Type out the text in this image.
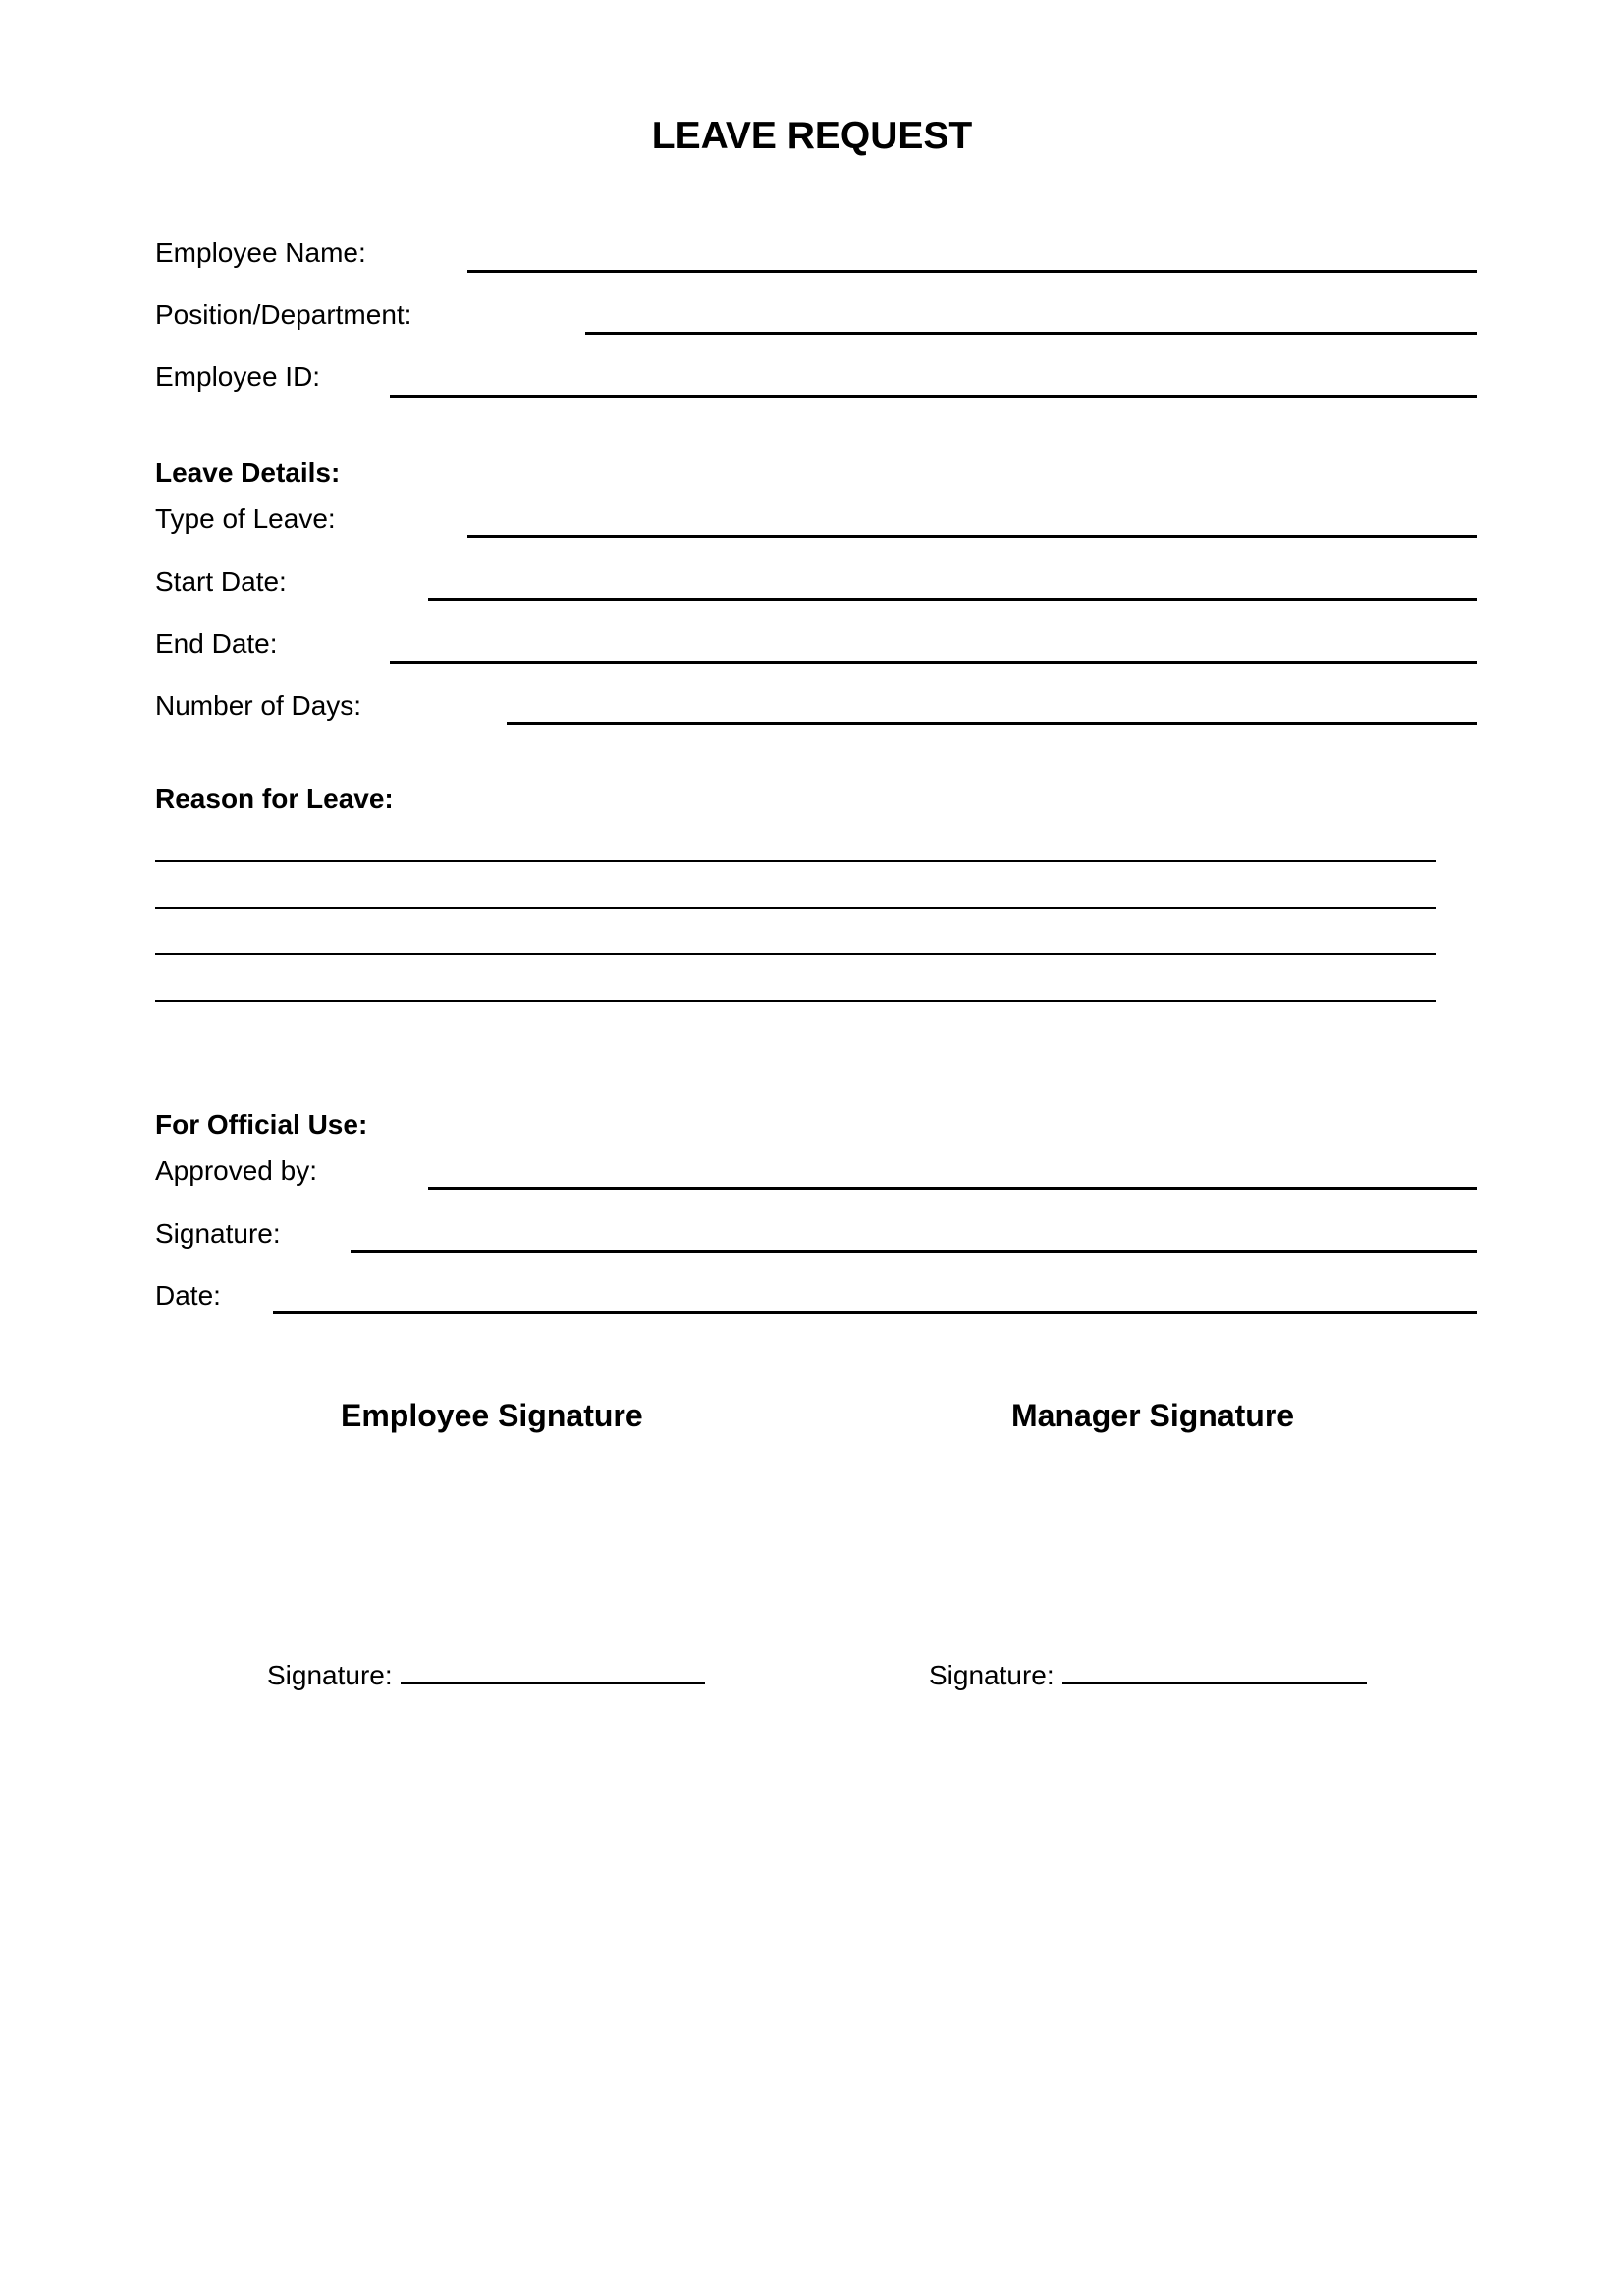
LEAVE REQUEST
Employee Name:
Position/Department:
Employee ID:
Leave Details:
Type of Leave:
Start Date:
End Date:
Number of Days:
Reason for Leave:
For Official Use:
Approved by:
Signature:
Date:
Employee Signature	Manager Signature
Signature:	Signature:
